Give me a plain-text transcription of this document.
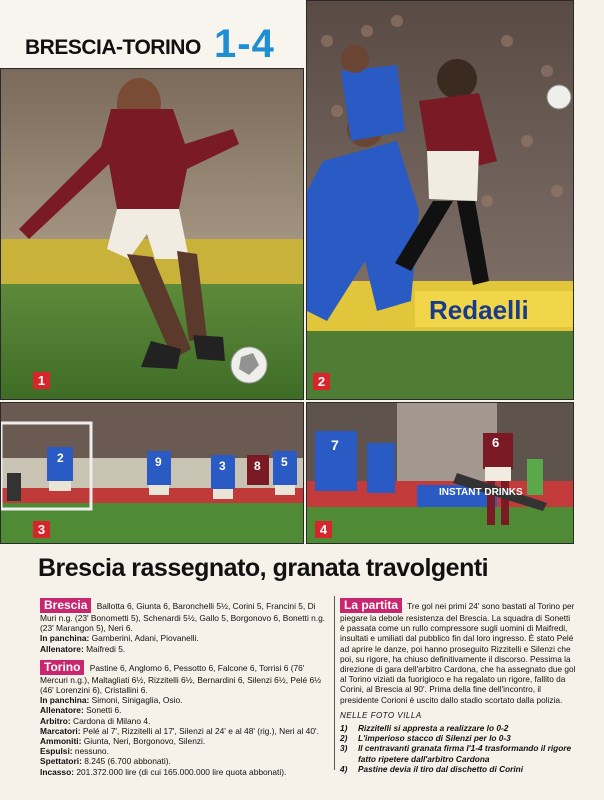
BRESCIA-TORINO 1-4
1
Redaelli
2
2	9	3 8 5
3
7	6
INSTANT DRINKS
4
Brescia rassegnato, granata travolgenti

Brescia Ballotta 6, Giunta 6, Baronchelli 5½, Corini 5, Francini 5, Di Muri n.g. (23' Bonometti 5), Schenardi 5½, Gallo 5, Borgonovo 6, Bonetti n.g. (23' Marangon 5), Neri 6.

In panchina: Gamberini, Adani, Piovanelli.

Allenatore: Maifredi 5.

Torino Pastine 6, Anglomo 6, Pessotto 6, Falcone 6, Torrisi 6 (76' Mercuri n.g.), Maltagliati 6½, Rizzitelli 6½, Bernardini 6, Silenzi 6½, Pelé 6½ (46' Lorenzini 6), Cristallini 6.

In panchina: Simoni, Sinigaglia, Osio.

Allenatore: Sonetti 6.

Arbitro: Cardona di Milano 4.

Marcatori: Pelé al 7', Rizzitelli al 17', Silenzi al 24' e al 48' (rig.), Neri al 40'.

Ammoniti: Giunta, Neri, Borgonovo, Silenzi.

Espulsi: nessuno.

Spettatori: 8.245 (6.700 abbonati).

Incasso: 201.372.000 lire (di cui 165.000.000 lire quota abbonati).

La partita Tre gol nei primi 24' sono bastati al Torino per piegare la debole resistenza del Brescia. La squadra di Sonetti è passata come un rullo compressore sugli uomini di Maifredi, insultati e umiliati dal pubblico fin dal loro ingresso. È stato Pelé ad aprire le danze, poi hanno proseguito Rizzitelli e Silenzi che poi, su rigore, ha chiuso definitivamente il discorso. Pessima la direzione di gara dell'arbitro Cardona, che ha assegnato due gol al Torino viziati da fuorigioco e ha regalato un rigore, fallito da Corini, al Brescia al 90'. Prima della fine dell'incontro, il presidente Corioni è uscito dallo stadio scortato dalla polizia.

NELLE FOTO VILLA

1)	Rizzitelli si appresta a realizzare lo 0-2
2)	L'imperioso stacco di Silenzi per lo 0-3
3)	Il centravanti granata firma l'1-4 trasformando il rigore fatto ripetere dall'arbitro Cardona
4)	Pastine devia il tiro dal dischetto di Corini
